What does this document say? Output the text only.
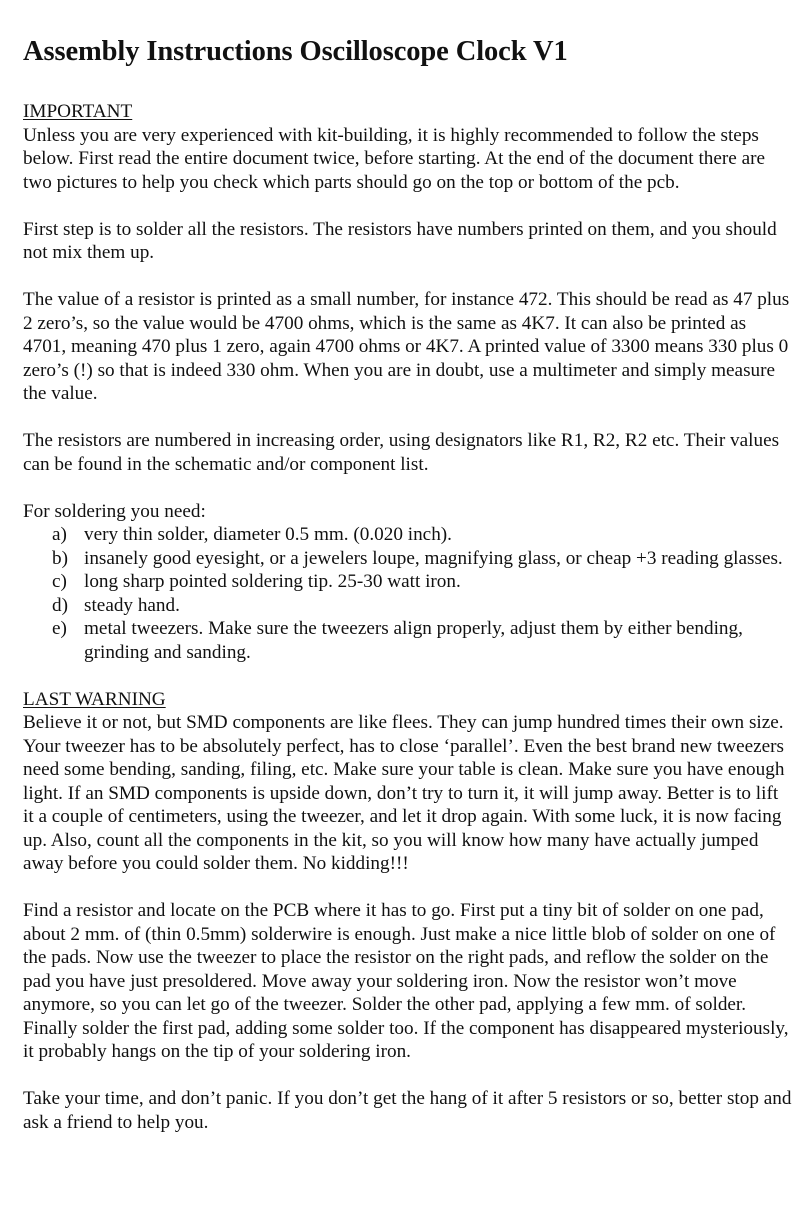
Assembly Instructions Oscilloscope Clock V1
IMPORTANT

Unless you are very experienced with kit-building, it is highly recommended to follow the steps below. First read the entire document twice, before starting. At the end of the document there are two pictures to help you check which parts should go on the top or bottom of the pcb.

First step is to solder all the resistors. The resistors have numbers printed on them, and you should not mix them up.

The value of a resistor is printed as a small number, for instance 472. This should be read as 47 plus 2 zero’s, so the value would be 4700 ohms, which is the same as 4K7. It can also be printed as 4701, meaning 470 plus 1 zero, again 4700 ohms or 4K7. A printed value of 3300 means 330 plus 0 zero’s (!) so that is indeed 330 ohm. When you are in doubt, use a multimeter and simply measure the value.

The resistors are numbered in increasing order, using designators like R1, R2, R2 etc. Their values can be found in the schematic and/or component list.

For soldering you need:

a) very thin solder, diameter 0.5 mm. (0.020 inch).
b) insanely good eyesight, or a jewelers loupe, magnifying glass, or cheap +3 reading glasses.
c) long sharp pointed soldering tip. 25-30 watt iron.
d) steady hand.
e) metal tweezers. Make sure the tweezers align properly, adjust them by either bending, grinding and sanding.
LAST WARNING

Believe it or not, but SMD components are like flees. They can jump hundred times their own size. Your tweezer has to be absolutely perfect, has to close ‘parallel’. Even the best brand new tweezers need some bending, sanding, filing, etc. Make sure your table is clean. Make sure you have enough light. If an SMD components is upside down, don’t try to turn it, it will jump away. Better is to lift it a couple of centimeters, using the tweezer, and let it drop again. With some luck, it is now facing up. Also, count all the components in the kit, so you will know how many have actually jumped away before you could solder them. No kidding!!!

Find a resistor and locate on the PCB where it has to go. First put a tiny bit of solder on one pad, about 2 mm. of (thin 0.5mm) solderwire is enough. Just make a nice little blob of solder on one of the pads. Now use the tweezer to place the resistor on the right pads, and reflow the solder on the pad you have just presoldered. Move away your soldering iron. Now the resistor won’t move anymore, so you can let go of the tweezer. Solder the other pad, applying a few mm. of solder. Finally solder the first pad, adding some solder too. If the component has disappeared mysteriously, it probably hangs on the tip of your soldering iron.

Take your time, and don’t panic. If you don’t get the hang of it after 5 resistors or so, better stop and ask a friend to help you.
